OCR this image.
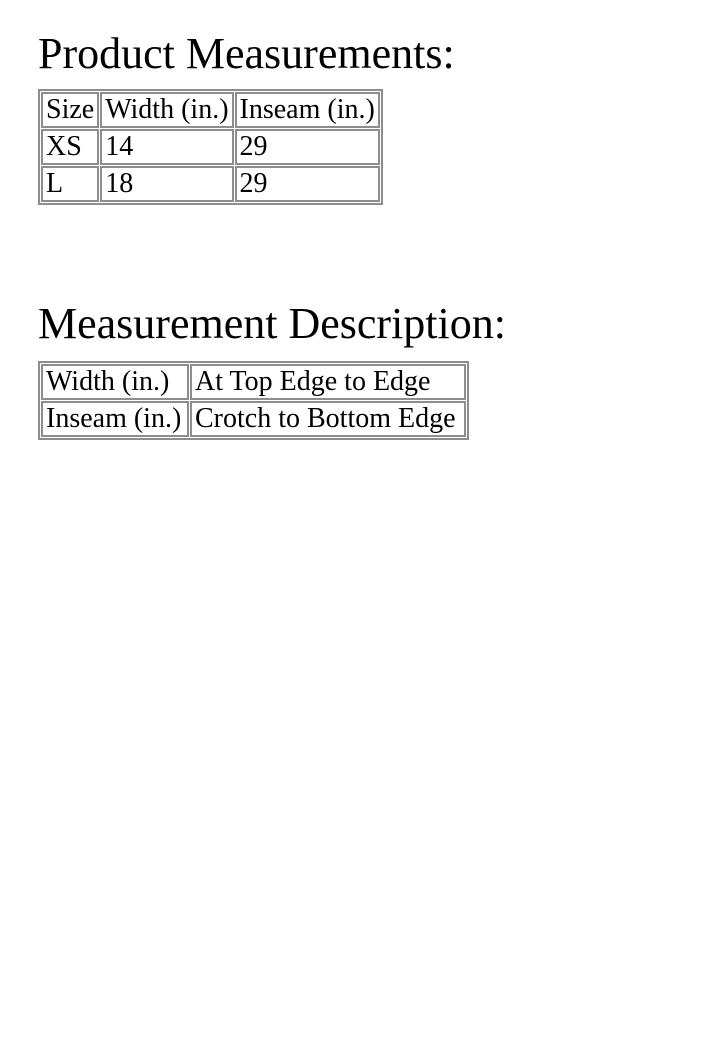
Product Measurements:
Size	Width (in.)	Inseam (in.)
XS	14	29
L	18	29
Measurement Description:
Width (in.)	At Top Edge to Edge
Inseam (in.)	Crotch to Bottom Edge
